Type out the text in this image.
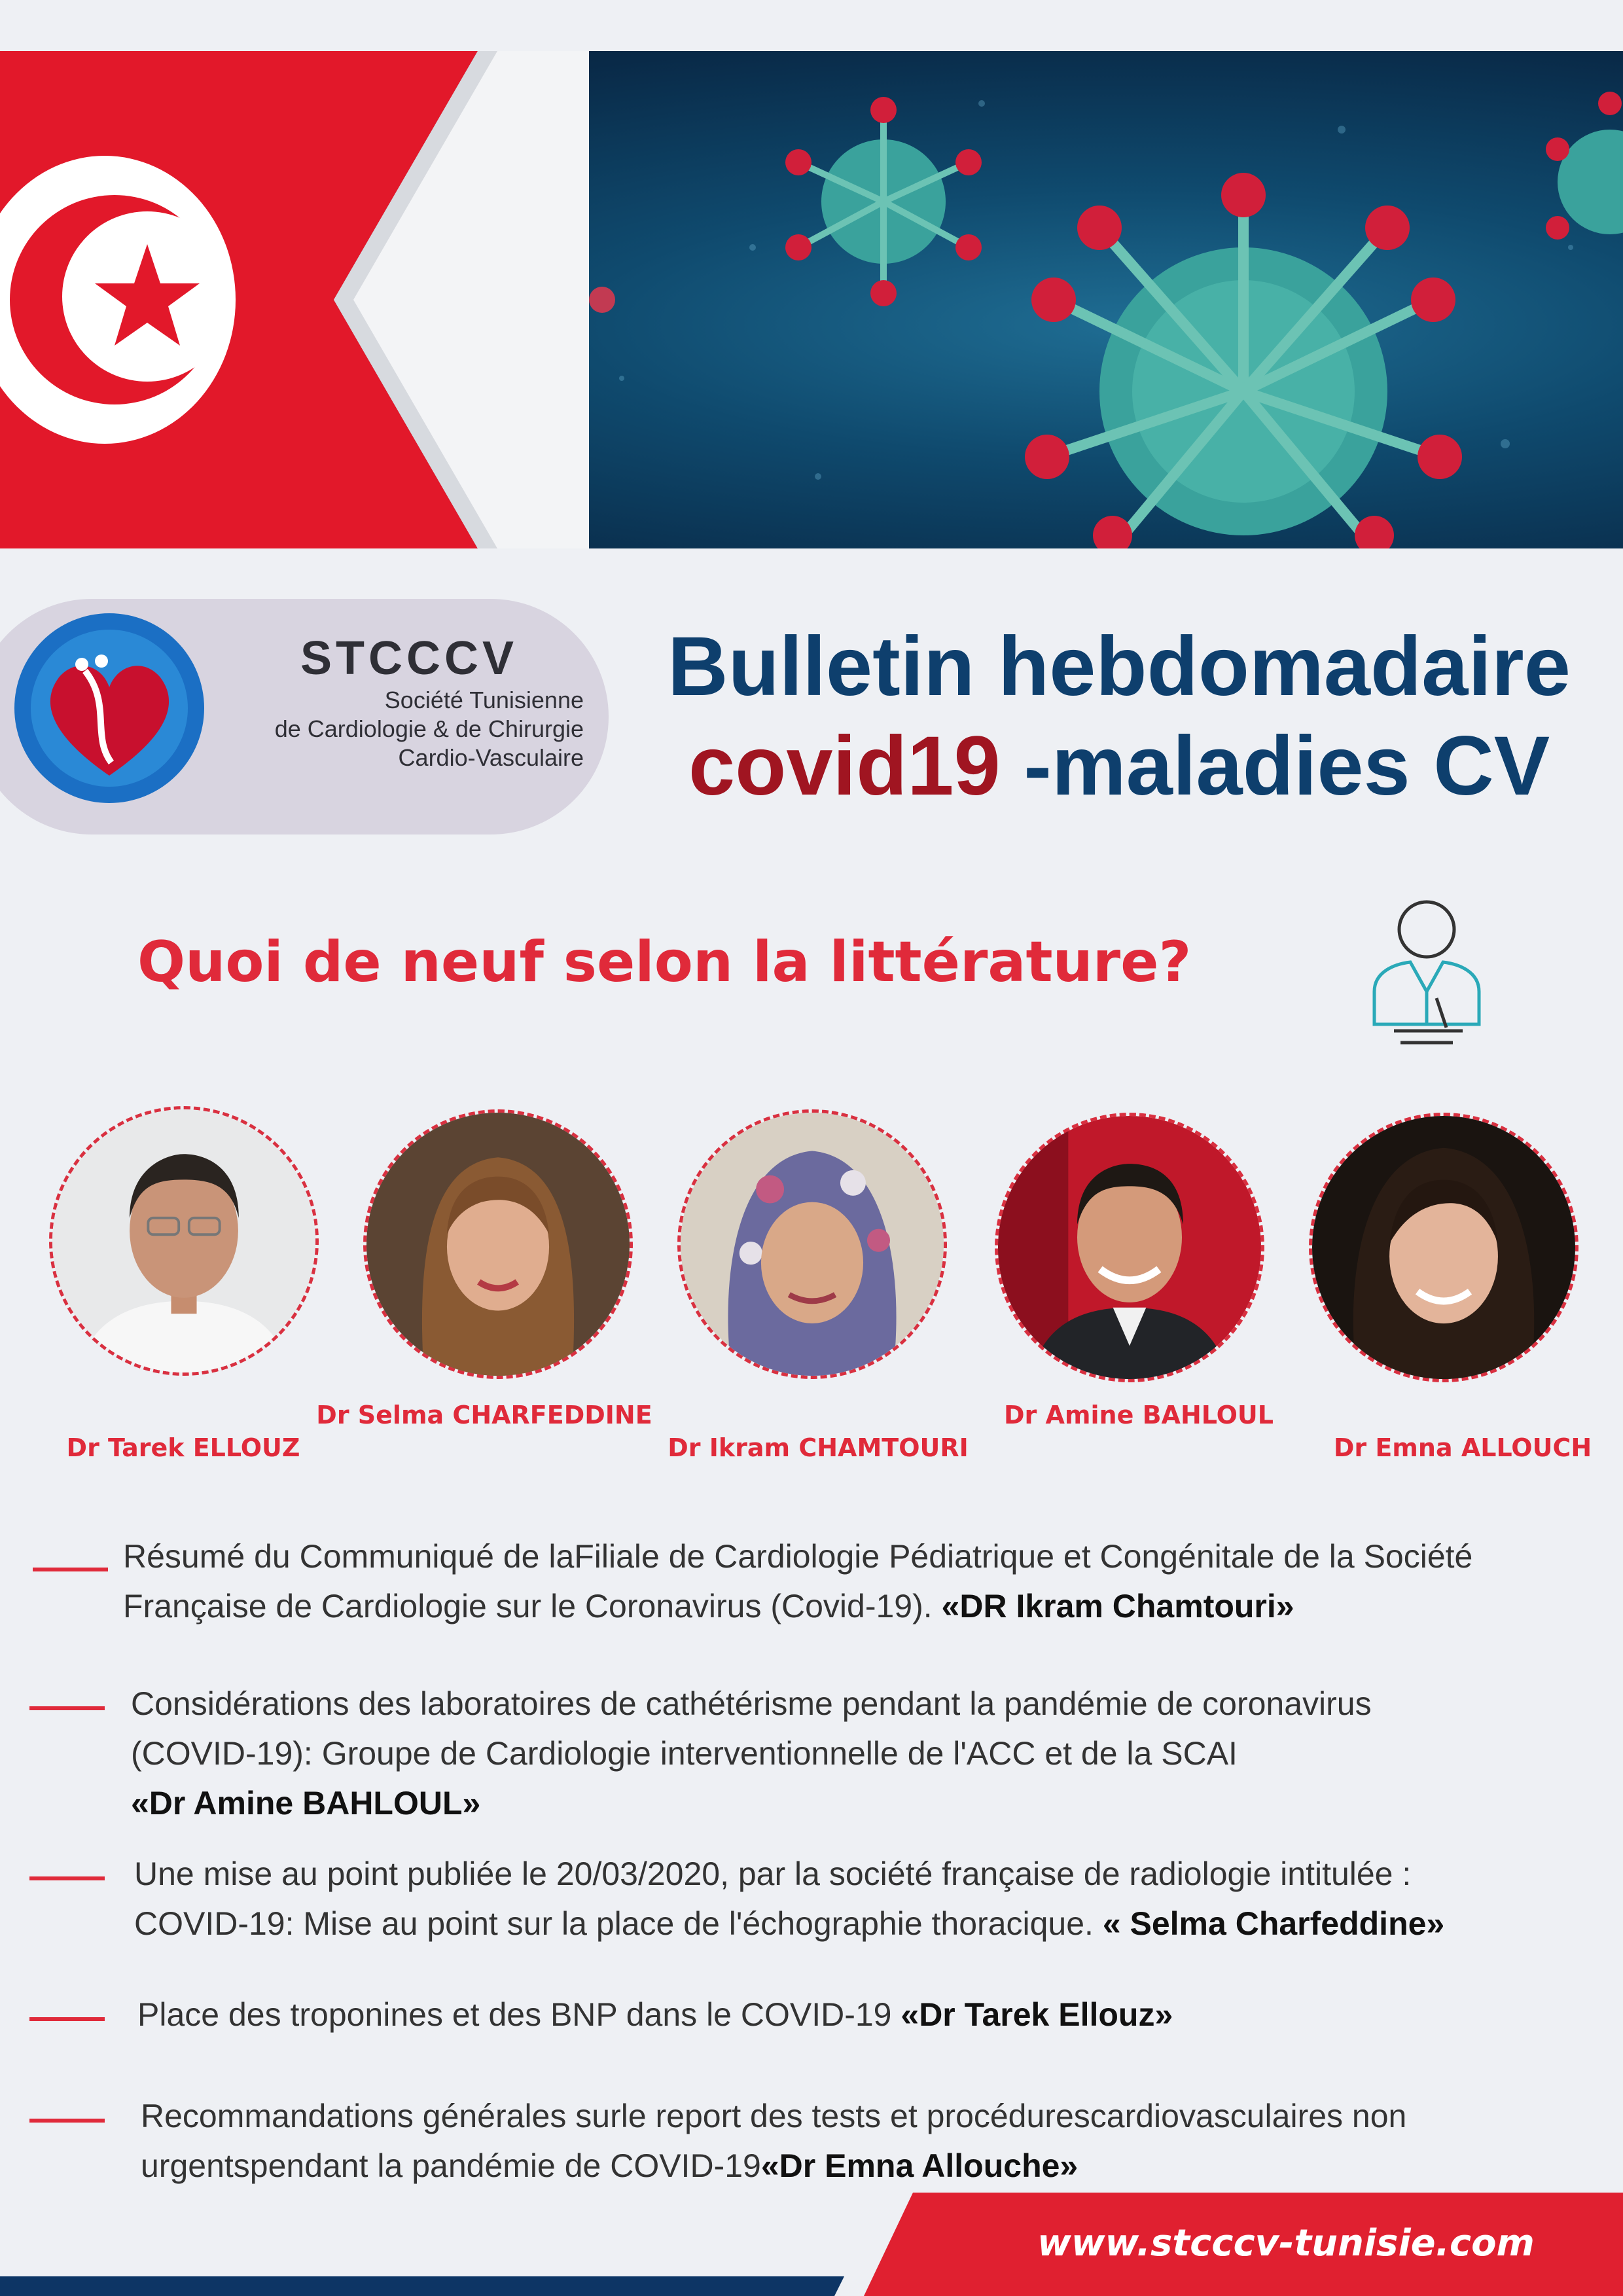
STCCCV
Société Tunisienne
de Cardiologie & de Chirurgie
Cardio-Vasculaire
Bulletin hebdomadaire
covid19 -maladies CV
Quoi de neuf selon la littérature?
Dr Tarek ELLOUZ
Dr Selma CHARFEDDINE
Dr Ikram CHAMTOURI
Dr Amine BAHLOUL
Dr Emna ALLOUCH
Résumé du Communiqué de laFiliale de Cardiologie Pédiatrique et Congénitale de la Société
Française de Cardiologie sur le Coronavirus (Covid-19). «DR Ikram Chamtouri»
Considérations des laboratoires de cathétérisme pendant la pandémie de coronavirus
(COVID-19): Groupe de Cardiologie interventionnelle de l'ACC et de la SCAI
«Dr Amine BAHLOUL»
Une mise au point publiée le 20/03/2020, par la société française de radiologie intitulée :
COVID-19: Mise au point sur la place de l'échographie thoracique. « Selma Charfeddine»
Place des troponines et des BNP dans le COVID-19 «Dr Tarek Ellouz»
Recommandations générales surle report des tests et procédurescardiovasculaires non
urgentspendant la pandémie de COVID-19«Dr Emna Allouche»
www.stcccv-tunisie.com
